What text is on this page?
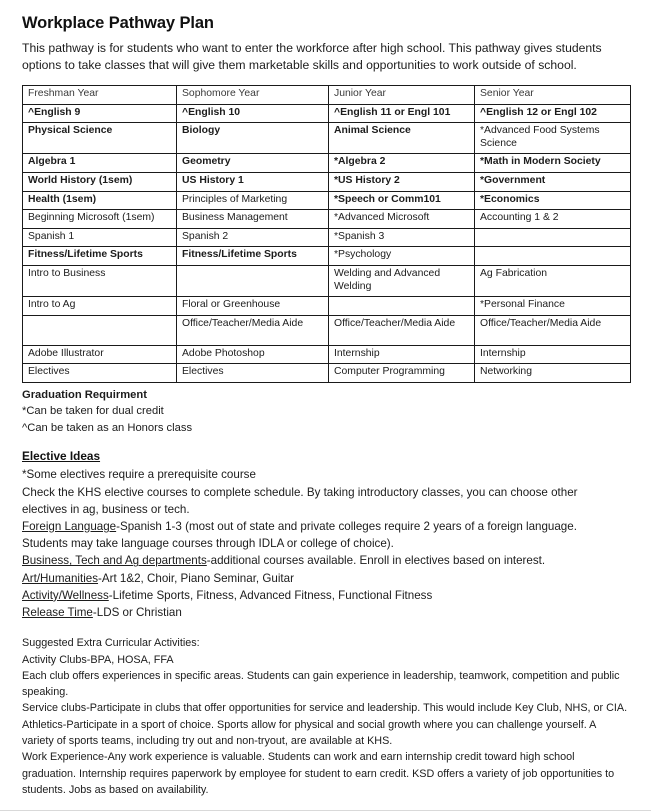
Workplace Pathway Plan

This pathway is for students who want to enter the workforce after high school. This pathway gives students options to take classes that will give them marketable skills and opportunities to work outside of school.

Freshman Year	Sophomore Year	Junior Year	Senior Year
^English 9	^English 10	^English 11 or Engl 101	^English 12 or Engl 102
Physical Science	Biology	Animal Science	*Advanced Food Systems Science
Algebra 1	Geometry	*Algebra 2	*Math in Modern Society
World History (1sem)	US History 1	*US History 2	*Government
Health (1sem)	Principles of Marketing	*Speech or Comm101	*Economics
Beginning Microsoft (1sem)	Business Management	*Advanced Microsoft	Accounting 1 & 2
Spanish 1	Spanish 2	*Spanish 3	
Fitness/Lifetime Sports	Fitness/Lifetime Sports	*Psychology	
Intro to Business		Welding and Advanced Welding	Ag Fabrication
Intro to Ag	Floral or Greenhouse		*Personal Finance
	Office/Teacher/Media Aide	Office/Teacher/Media Aide	Office/Teacher/Media Aide
Adobe Illustrator	Adobe Photoshop	Internship	Internship
Electives	Electives	Computer Programming	Networking
Graduation Requirment
*Can be taken for dual credit
^Can be taken as an Honors class
Elective Ideas
*Some electives require a prerequisite course
Check the KHS elective courses to complete schedule. By taking introductory classes, you can choose other electives in ag, business or tech.
Foreign Language-Spanish 1-3 (most out of state and private colleges require 2 years of a foreign language. Students may take language courses through IDLA or college of choice).
Business, Tech and Ag departments-additional courses available. Enroll in electives based on interest.
Art/Humanities-Art 1&2, Choir, Piano Seminar, Guitar
Activity/Wellness-Lifetime Sports, Fitness, Advanced Fitness, Functional Fitness
Release Time-LDS or Christian
Suggested Extra Curricular Activities:
Activity Clubs-BPA, HOSA, FFA
Each club offers experiences in specific areas. Students can gain experience in leadership, teamwork, competition and public speaking.
Service clubs-Participate in clubs that offer opportunities for service and leadership. This would include Key Club, NHS, or CIA.
Athletics-Participate in a sport of choice. Sports allow for physical and social growth where you can challenge yourself. A variety of sports teams, including try out and non-tryout, are available at KHS.
Work Experience-Any work experience is valuable. Students can work and earn internship credit toward high school graduation. Internship requires paperwork by employee for student to earn credit. KSD offers a variety of job opportunities to students. Jobs as based on availability.
